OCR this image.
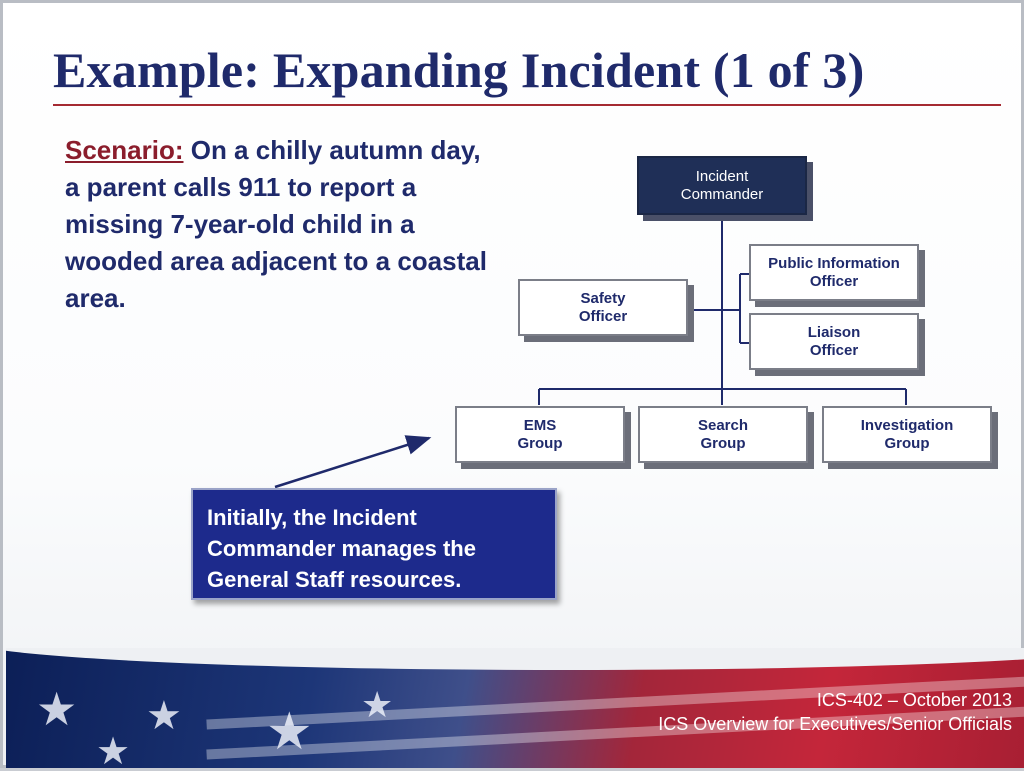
Example: Expanding Incident (1 of 3)

Scenario: On a chilly autumn day, a parent calls 911 to report a missing 7-year-old child in a wooded area adjacent to a coastal area.

Incident
Commander
Safety
Officer
Public Information
Officer
Liaison
Officer
EMS
Group
Search
Group
Investigation
Group
Initially, the Incident Commander manages the General Staff resources.
★ ★ ★
★
★	ICS-402 – October 2013
ICS Overview for Executives/Senior Officials
